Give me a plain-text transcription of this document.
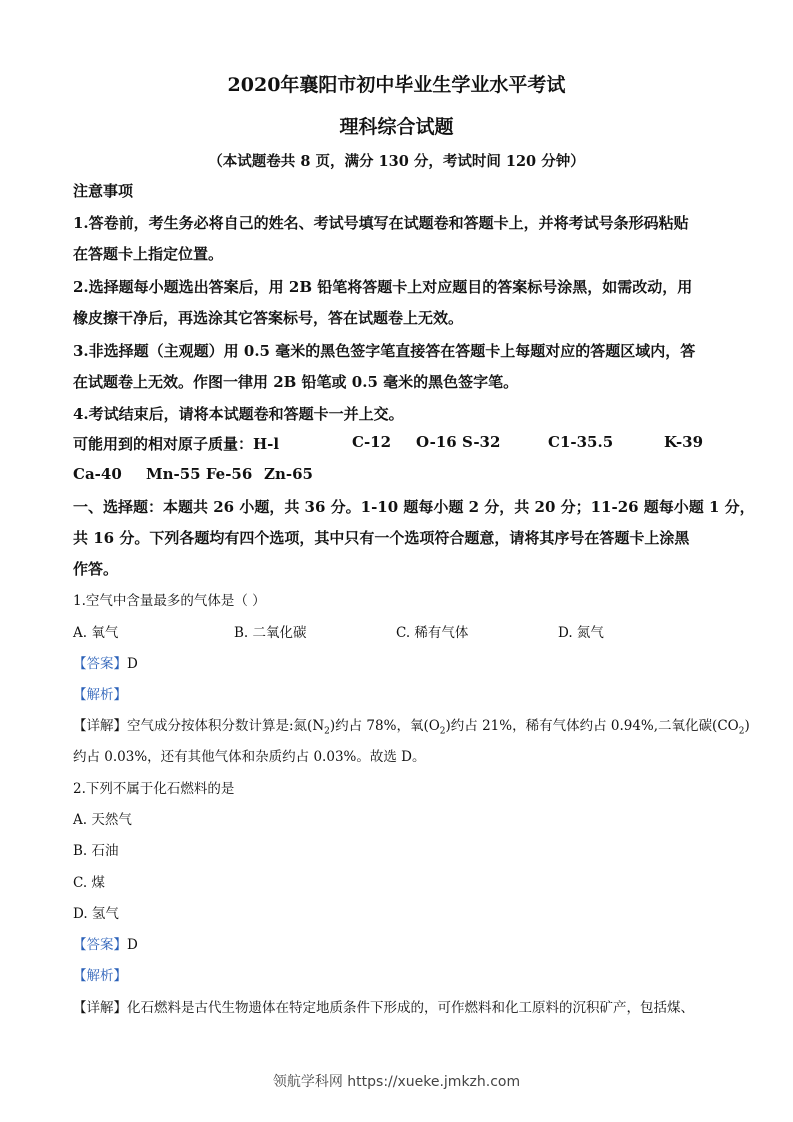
2020年襄阳市初中毕业生学业水平考试
理科综合试题
（本试题卷共 8 页，满分 130 分，考试时间 120 分钟）
注意事项
1.答卷前，考生务必将自己的姓名、考试号填写在试题卷和答题卡上，并将考试号条形码粘贴
在答题卡上指定位置。
2.选择题每小题选出答案后，用 2B 铅笔将答题卡上对应题目的答案标号涂黑，如需改动，用
橡皮擦干净后，再选涂其它答案标号，答在试题卷上无效。
3.非选择题（主观题）用 0.5 毫米的黑色签字笔直接答在答题卡上每题对应的答题区域内，答
在试题卷上无效。作图一律用 2B 铅笔或 0.5 毫米的黑色签字笔。
4.考试结束后，请将本试题卷和答题卡一并上交。
可能用到的相对原子质量：H-l	C-12 O-16 S-32	C1-35.5	K-39
Ca-40 Mn-55 Fe-56 Zn-65
一、选择题：本题共 26 小题，共 36 分。1-10 题每小题 2 分，共 20 分；11-26 题每小题 1 分，
共 16 分。下列各题均有四个选项，其中只有一个选项符合题意，请将其序号在答题卡上涂黑
作答。
1.空气中含量最多的气体是（ ）
A. 氧气	B. 二氧化碳	C. 稀有气体	D. 氮气
【答案】D
【解析】
【详解】空气成分按体积分数计算是:氮$(N_2)$约占 78%，氧$(O_2)$约占 21%，稀有气体约占 0.94%,二氧化碳$(CO_2)$
约占 0.03%，还有其他气体和杂质约占 0.03%。故选 D。
2.下列不属于化石燃料的是
A. 天然气
B. 石油
C. 煤
D. 氢气
【答案】D
【解析】
【详解】化石燃料是古代生物遗体在特定地质条件下形成的，可作燃料和化工原料的沉积矿产，包括煤、
领航学科网 https://xueke.jmkzh.com
